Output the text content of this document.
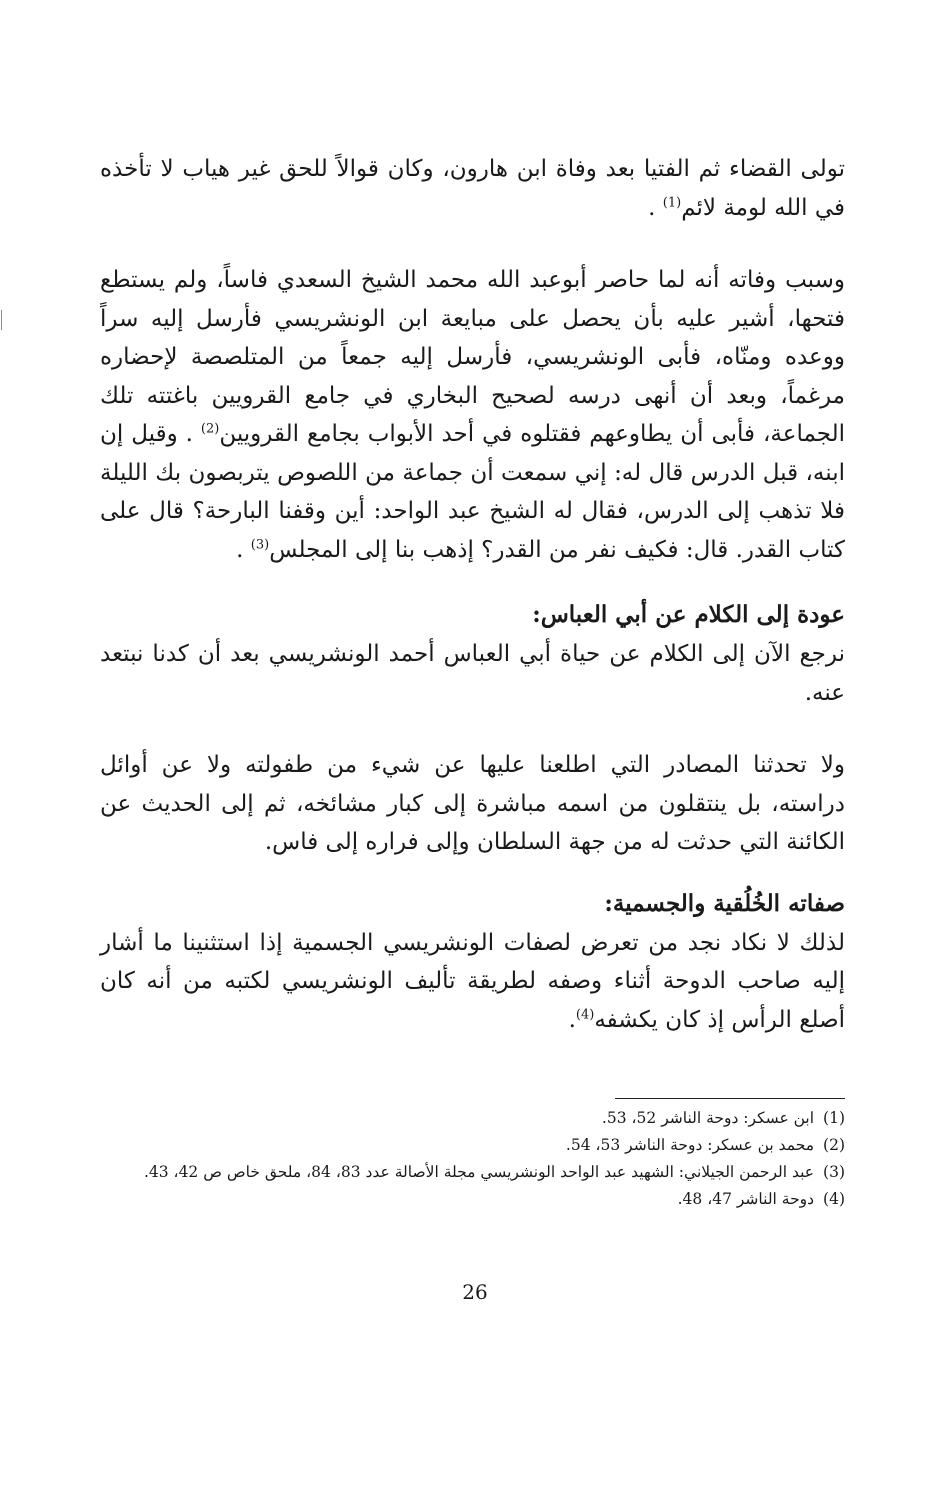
تولى القضاء ثم الفتيا بعد وفاة ابن هارون، وكان قوالاً للحق غير هياب لا تأخذه في الله لومة لائم$^{(1)}$ .

وسبب وفاته أنه لما حاصر أبوعبد الله محمد الشيخ السعدي فاساً، ولم يستطع فتحها، أشير عليه بأن يحصل على مبايعة ابن الونشريسي فأرسل إليه سراً ووعده ومنّاه، فأبى الونشريسي، فأرسل إليه جمعاً من المتلصصة لإحضاره مرغماً، وبعد أن أنهى درسه لصحيح البخاري في جامع القرويين باغتته تلك الجماعة، فأبى أن يطاوعهم فقتلوه في أحد الأبواب بجامع القرويين$^{(2)}$ . وقيل إن ابنه، قبل الدرس قال له: إني سمعت أن جماعة من اللصوص يتربصون بك الليلة فلا تذهب إلى الدرس، فقال له الشيخ عبد الواحد: أين وقفنا البارحة؟ قال على كتاب القدر. قال: فكيف نفر من القدر؟ إذهب بنا إلى المجلس$^{(3)}$ .

عودة إلى الكلام عن أبي العباس:

نرجع الآن إلى الكلام عن حياة أبي العباس أحمد الونشريسي بعد أن كدنا نبتعد عنه.

ولا تحدثنا المصادر التي اطلعنا عليها عن شيء من طفولته ولا عن أوائل دراسته، بل ينتقلون من اسمه مباشرة إلى كبار مشائخه، ثم إلى الحديث عن الكائنة التي حدثت له من جهة السلطان وإلى فراره إلى فاس.

صفاته الخُلُقية والجسمية:

لذلك لا نكاد نجد من تعرض لصفات الونشريسي الجسمية إذا استثنينا ما أشار إليه صاحب الدوحة أثناء وصفه لطريقة تأليف الونشريسي لكتبه من أنه كان أصلع الرأس إذ كان يكشفه$^{(4)}$.

(1) ابن عسكر: دوحة الناشر 52، 53.

(2) محمد بن عسكر: دوحة الناشر 53، 54.

(3) عبد الرحمن الجيلاني: الشهيد عبد الواحد الونشريسي مجلة الأصالة عدد 83، 84، ملحق خاص ص 42، 43.

(4) دوحة الناشر 47، 48.

26
